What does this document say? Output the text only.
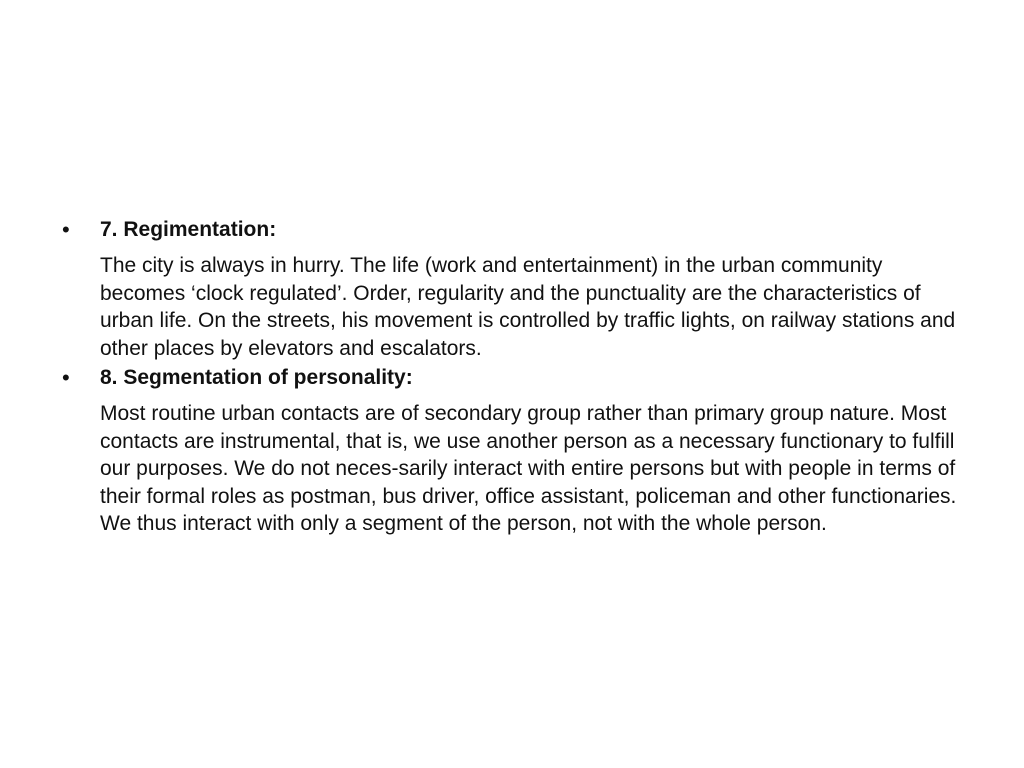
• 7. Regimentation:

The city is always in hurry. The life (work and entertainment) in the urban community becomes ‘clock regulated’. Order, regularity and the punctuality are the characteristics of urban life. On the streets, his movement is controlled by traffic lights, on railway stations and other places by elevators and escalators.

• 8. Segmentation of personality:

Most routine urban contacts are of secondary group rather than primary group nature. Most contacts are instrumental, that is, we use another person as a necessary functionary to fulfill our purposes. We do not neces-sarily interact with entire persons but with people in terms of their formal roles as postman, bus driver, office assistant, policeman and other functionaries. We thus interact with only a segment of the person, not with the whole person.
